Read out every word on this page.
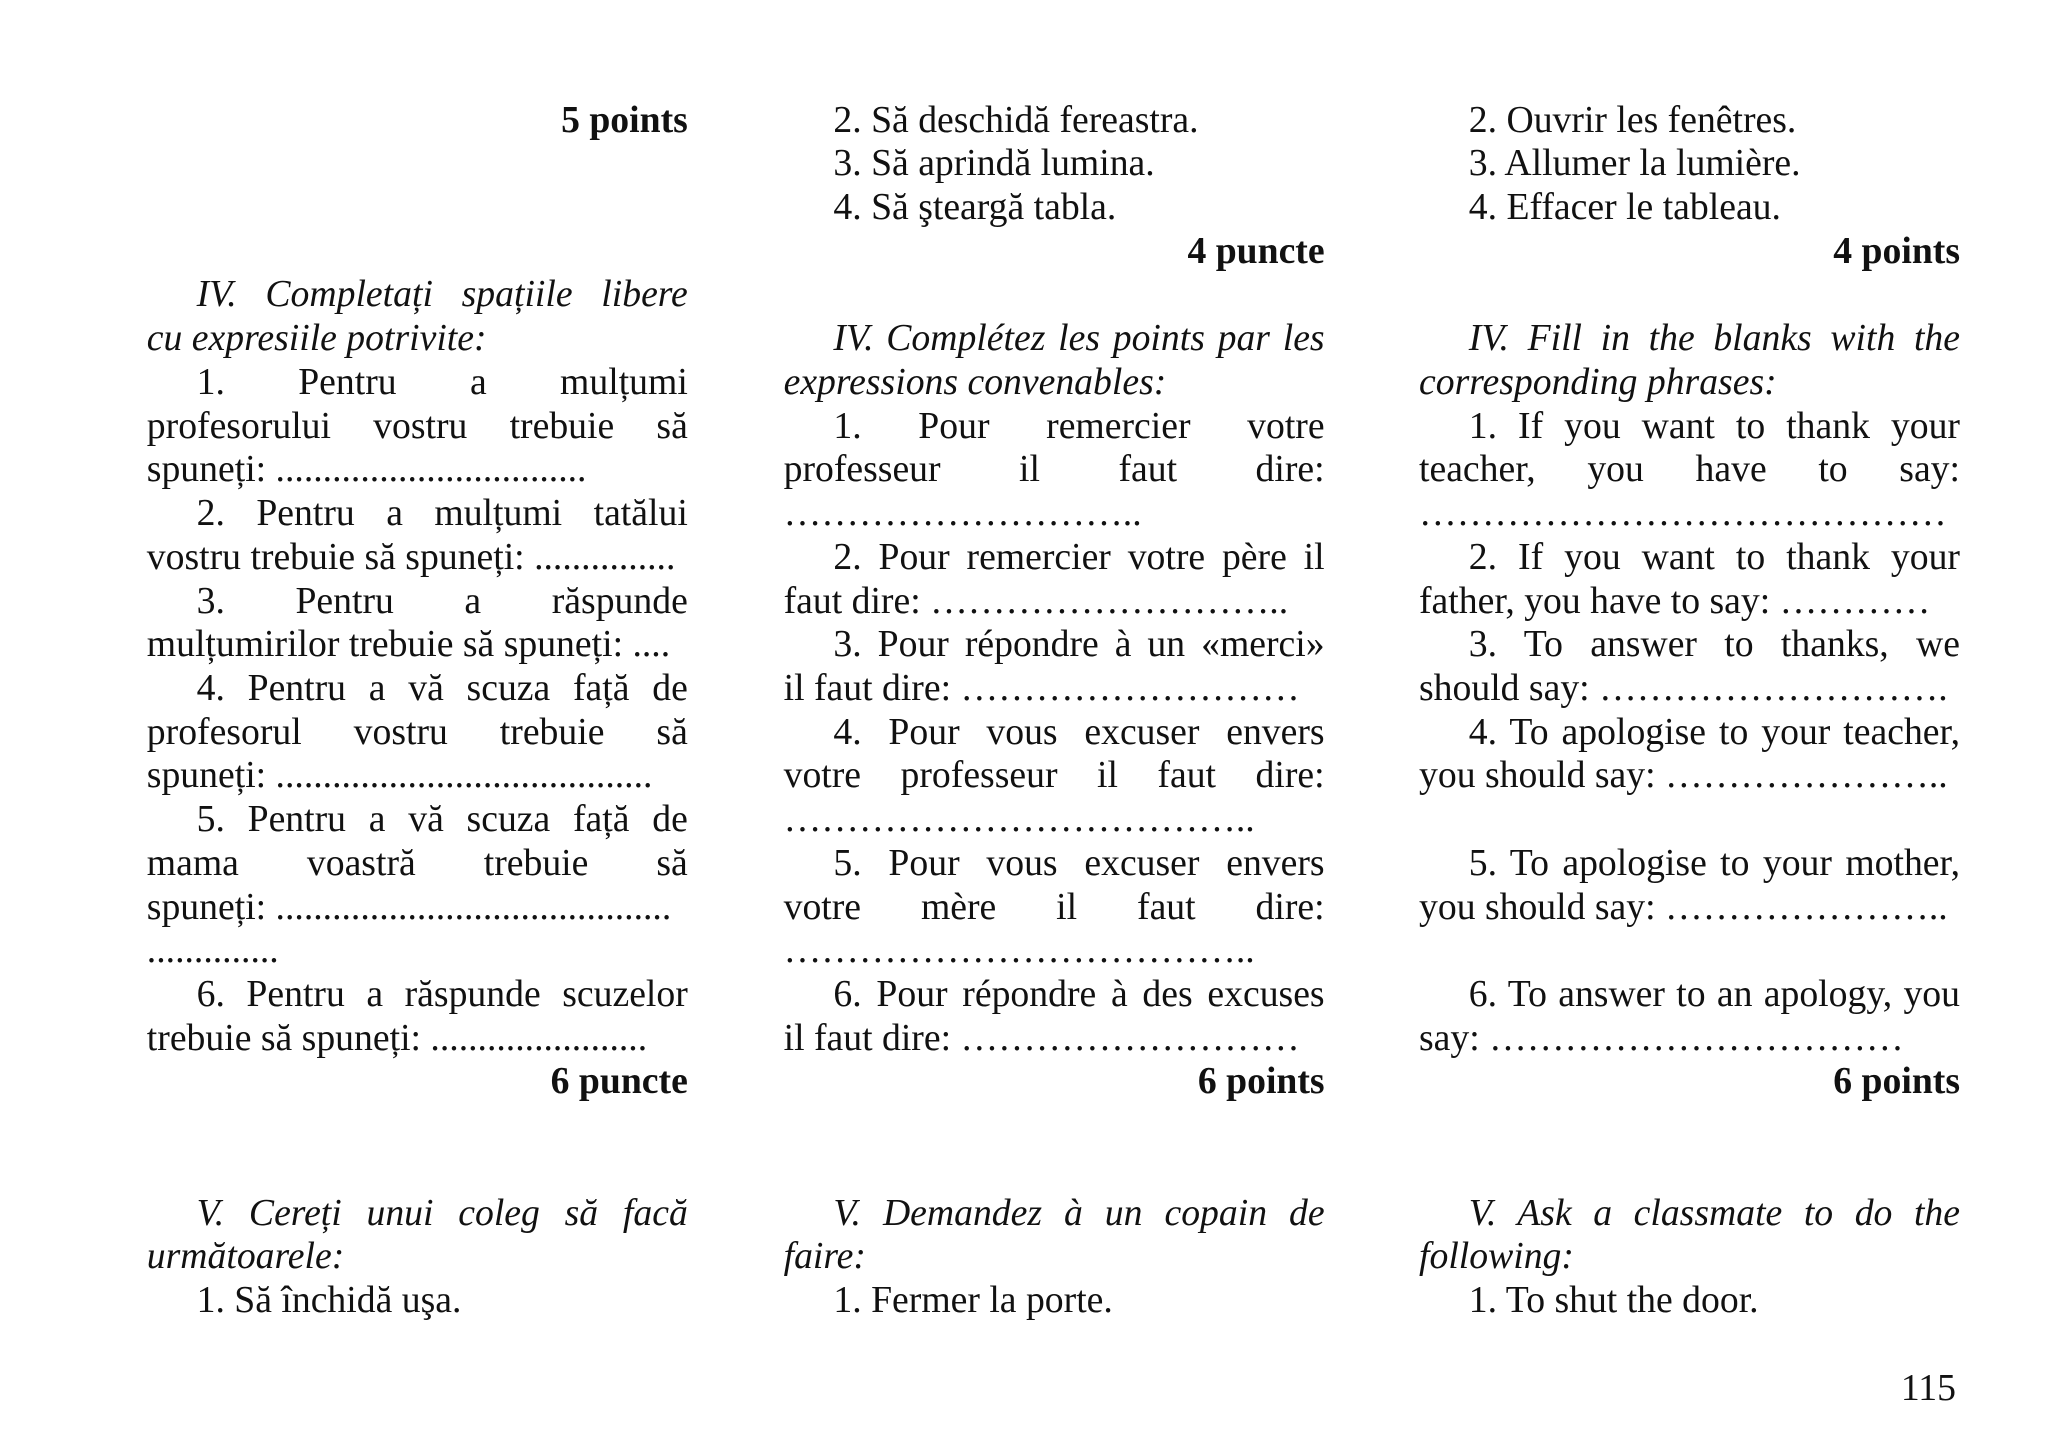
5 points
IV. Completați spațiile libere
cu expresiile potrivite:
1. Pentru a mulțumi
profesorului vostru trebuie să
spuneți: .................................
2. Pentru a mulțumi tatălui
vostru trebuie să spuneți: ...............
3. Pentru a răspunde
mulțumirilor trebuie să spuneți: ....
4. Pentru a vă scuza față de
profesorul vostru trebuie să
spuneți: ........................................
5. Pentru a vă scuza față de
mama voastră trebuie să
spuneți: ..........................................
..............
6. Pentru a răspunde scuzelor
trebuie să spuneți: .......................
6 puncte
V. Cereți unui coleg să facă
următoarele:
1. Să închidă uşa.
2. Să deschidă fereastra.
3. Să aprindă lumina.
4. Să şteargă tabla.
4 puncte
IV. Complétez les points par les
expressions convenables:
1. Pour remercier votre
professeur il faut dire:
………………………..
2. Pour remercier votre père il
faut dire: ………………………..
3. Pour répondre à un «merci»
il faut dire: ………………………
4. Pour vous excuser envers
votre professeur il faut dire:
………………………………..
5. Pour vous excuser envers
votre mère il faut dire:
………………………………..
6. Pour répondre à des excuses
il faut dire: ………………………
6 points
V. Demandez à un copain de
faire:
1. Fermer la porte.
2. Ouvrir les fenêtres.
3. Allumer la lumière.
4. Effacer le tableau.
4 points
IV. Fill in the blanks with the
corresponding phrases:
1. If you want to thank your
teacher, you have to say:
……………………………………
2. If you want to thank your
father, you have to say: …………
3. To answer to thanks, we
should say: ……………………….
4. To apologise to your teacher,
you should say: …………………..
5. To apologise to your mother,
you should say: …………………..
6. To answer to an apology, you
say: ……………………………
6 points
V. Ask a classmate to do the
following:
1. To shut the door.
115
